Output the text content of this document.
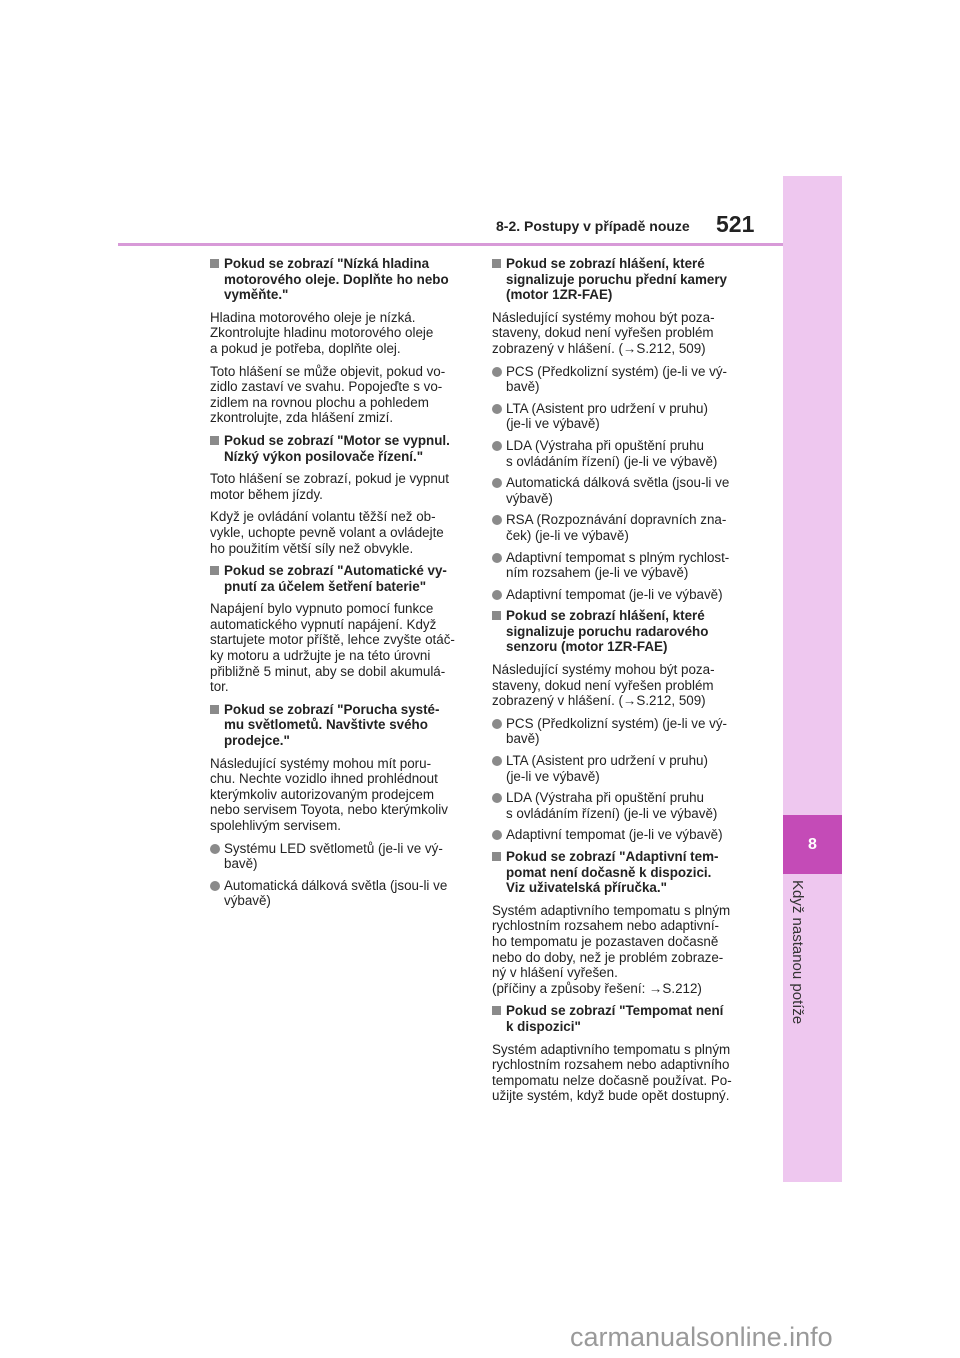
8
Když nastanou potíže
8-2. Postupy v případě nouze 521
Pokud se zobrazí "Nízká hladina
motorového oleje. Doplňte ho nebo
vyměňte."
Hladina motorového oleje je nízká.
Zkontrolujte hladinu motorového oleje
a pokud je potřeba, doplňte olej.
Toto hlášení se může objevit, pokud vo-
zidlo zastaví ve svahu. Popojeďte s vo-
zidlem na rovnou plochu a pohledem
zkontrolujte, zda hlášení zmizí.
Pokud se zobrazí "Motor se vypnul.
Nízký výkon posilovače řízení."
Toto hlášení se zobrazí, pokud je vypnut
motor během jízdy.
Když je ovládání volantu těžší než ob-
vykle, uchopte pevně volant a ovládejte
ho použitím větší síly než obvykle.
Pokud se zobrazí "Automatické vy-
pnutí za účelem šetření baterie"
Napájení bylo vypnuto pomocí funkce
automatického vypnutí napájení. Když
startujete motor příště, lehce zvyšte otáč-
ky motoru a udržujte je na této úrovni
přibližně 5 minut, aby se dobil akumulá-
tor.
Pokud se zobrazí "Porucha systé-
mu světlometů. Navštivte svého
prodejce."
Následující systémy mohou mít poru-
chu. Nechte vozidlo ihned prohlédnout
kterýmkoliv autorizovaným prodejcem
nebo servisem Toyota, nebo kterýmkoliv
spolehlivým servisem.
Systému LED světlometů (je-li ve vý-
bavě)
Automatická dálková světla (jsou-li ve
výbavě)
Pokud se zobrazí hlášení, které
signalizuje poruchu přední kamery
(motor 1ZR-FAE)
Následující systémy mohou být poza-
staveny, dokud není vyřešen problém
zobrazený v hlášení. (→S.212, 509)
PCS (Předkolizní systém) (je-li ve vý-
bavě)
LTA (Asistent pro udržení v pruhu)
(je-li ve výbavě)
LDA (Výstraha při opuštění pruhu
s ovládáním řízení) (je-li ve výbavě)
Automatická dálková světla (jsou-li ve
výbavě)
RSA (Rozpoznávání dopravních zna-
ček) (je-li ve výbavě)
Adaptivní tempomat s plným rychlost-
ním rozsahem (je-li ve výbavě)
Adaptivní tempomat (je-li ve výbavě)
Pokud se zobrazí hlášení, které
signalizuje poruchu radarového
senzoru (motor 1ZR-FAE)
Následující systémy mohou být poza-
staveny, dokud není vyřešen problém
zobrazený v hlášení. (→S.212, 509)
PCS (Předkolizní systém) (je-li ve vý-
bavě)
LTA (Asistent pro udržení v pruhu)
(je-li ve výbavě)
LDA (Výstraha při opuštění pruhu
s ovládáním řízení) (je-li ve výbavě)
Adaptivní tempomat (je-li ve výbavě)
Pokud se zobrazí "Adaptivní tem-
pomat není dočasně k dispozici.
Viz uživatelská příručka."
Systém adaptivního tempomatu s plným
rychlostním rozsahem nebo adaptivní-
ho tempomatu je pozastaven dočasně
nebo do doby, než je problém zobraze-
ný v hlášení vyřešen.
(příčiny a způsoby řešení: →S.212)
Pokud se zobrazí "Tempomat není
k dispozici"
Systém adaptivního tempomatu s plným
rychlostním rozsahem nebo adaptivního
tempomatu nelze dočasně používat. Po-
užijte systém, když bude opět dostupný.
carmanualsonline.info
